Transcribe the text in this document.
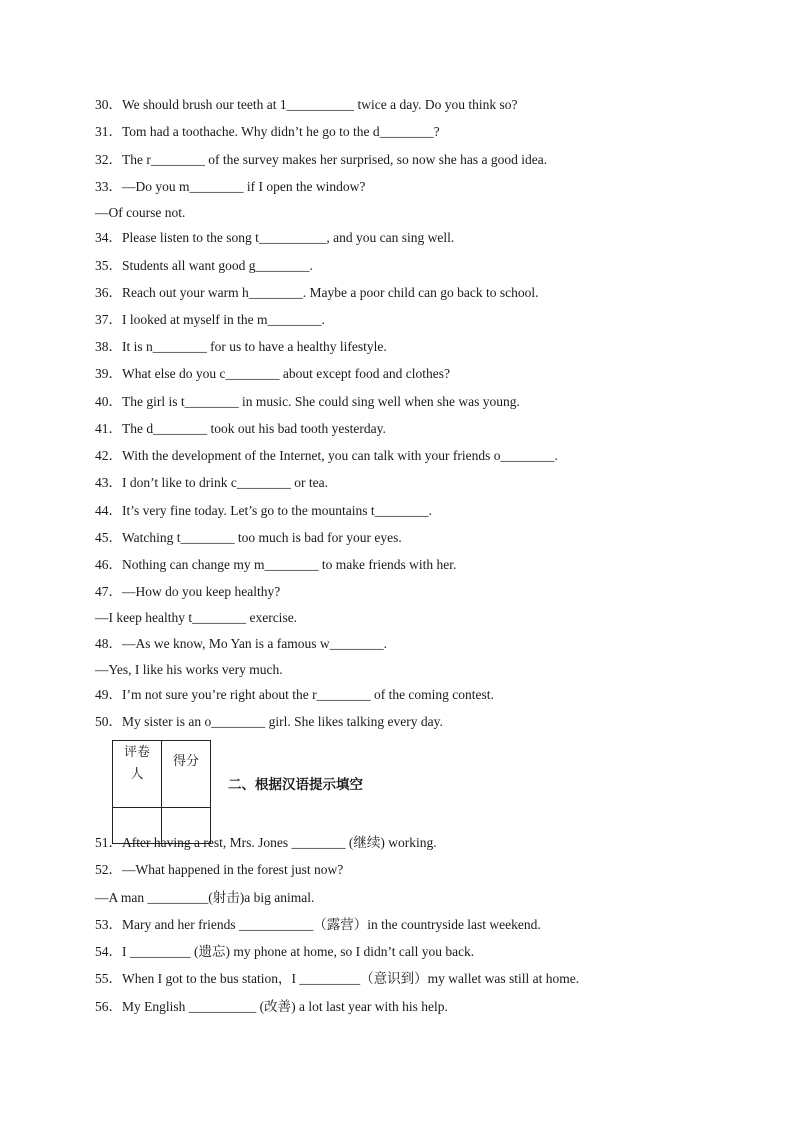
30．We should brush our teeth at 1__________ twice a day. Do you think so?
31．Tom had a toothache. Why didn’t he go to the d________?
32．The r________ of the survey makes her surprised, so now she has a good idea.
33．—Do you m________ if I open the window?
—Of course not.
34．Please listen to the song t__________, and you can sing well.
35．Students all want good g________.
36．Reach out your warm h________. Maybe a poor child can go back to school.
37．I looked at myself in the m________.
38．It is n________ for us to have a healthy lifestyle.
39．What else do you c________ about except food and clothes?
40．The girl is t________ in music. She could sing well when she was young.
41．The d________ took out his bad tooth yesterday.
42．With the development of the Internet, you can talk with your friends o________.
43．I don’t like to drink c________ or tea.
44．It’s very fine today. Let’s go to the mountains t________.
45．Watching t________ too much is bad for your eyes.
46．Nothing can change my m________ to make friends with her.
47．—How do you keep healthy?
—I keep healthy t________ exercise.
48．—As we know, Mo Yan is a famous w________.
—Yes, I like his works very much.
49．I’m not sure you’re right about the r________ of the coming contest.
50．My sister is an o________ girl. She likes talking every day.
评卷
人	得分

二、根据汉语提示填空
51．After having a rest, Mrs. Jones ________ (继续) working.
52．—What happened in the forest just now?
—A man _________(射击)a big animal.
53．Mary and her friends ___________（露营）in the countryside last weekend.
54．I _________ (遗忘) my phone at home, so I didn’t call you back.
55．When I got to the bus station，I _________（意识到）my wallet was still at home.
56．My English __________ (改善) a lot last year with his help.
